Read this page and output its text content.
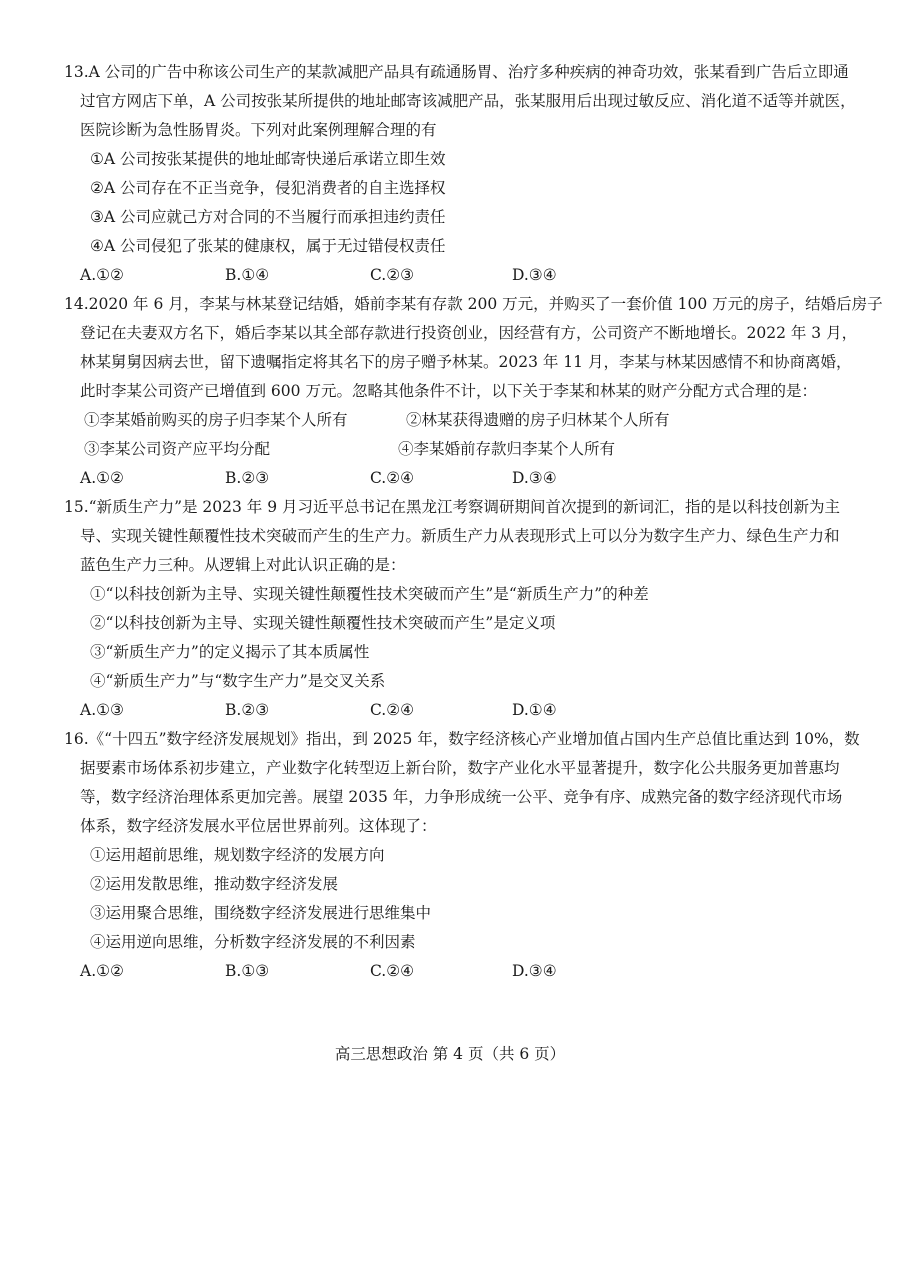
13.A 公司的广告中称该公司生产的某款减肥产品具有疏通肠胃、治疗多种疾病的神奇功效，张某看到广告后立即通
过官方网店下单，A 公司按张某所提供的地址邮寄该减肥产品，张某服用后出现过敏反应、消化道不适等并就医，
医院诊断为急性肠胃炎。下列对此案例理解合理的有
①A 公司按张某提供的地址邮寄快递后承诺立即生效
②A 公司存在不正当竞争，侵犯消费者的自主选择权
③A 公司应就己方对合同的不当履行而承担违约责任
④A 公司侵犯了张某的健康权，属于无过错侵权责任
A.①②	B.①④	C.②③	D.③④
14.2020 年 6 月，李某与林某登记结婚，婚前李某有存款 200 万元，并购买了一套价值 100 万元的房子，结婚后房子
登记在夫妻双方名下，婚后李某以其全部存款进行投资创业，因经营有方，公司资产不断地增长。2022 年 3 月，
林某舅舅因病去世，留下遗嘱指定将其名下的房子赠予林某。2023 年 11 月，李某与林某因感情不和协商离婚，
此时李某公司资产已增值到 600 万元。忽略其他条件不计，以下关于李某和林某的财产分配方式合理的是：
①李某婚前购买的房子归李某个人所有	②林某获得遗赠的房子归林某个人所有
③李某公司资产应平均分配	④李某婚前存款归李某个人所有
A.①②	B.②③	C.②④	D.③④
15.“新质生产力”是 2023 年 9 月习近平总书记在黑龙江考察调研期间首次提到的新词汇，指的是以科技创新为主
导、实现关键性颠覆性技术突破而产生的生产力。新质生产力从表现形式上可以分为数字生产力、绿色生产力和
蓝色生产力三种。从逻辑上对此认识正确的是：
①“以科技创新为主导、实现关键性颠覆性技术突破而产生”是“新质生产力”的种差
②“以科技创新为主导、实现关键性颠覆性技术突破而产生”是定义项
③“新质生产力”的定义揭示了其本质属性
④“新质生产力”与“数字生产力”是交叉关系
A.①③	B.②③	C.②④	D.①④
16.《“十四五”数字经济发展规划》指出，到 2025 年，数字经济核心产业增加值占国内生产总值比重达到 10%，数
据要素市场体系初步建立，产业数字化转型迈上新台阶，数字产业化水平显著提升，数字化公共服务更加普惠均
等，数字经济治理体系更加完善。展望 2035 年，力争形成统一公平、竞争有序、成熟完备的数字经济现代市场
体系，数字经济发展水平位居世界前列。这体现了：
①运用超前思维，规划数字经济的发展方向
②运用发散思维，推动数字经济发展
③运用聚合思维，围绕数字经济发展进行思维集中
④运用逆向思维，分析数字经济发展的不利因素
A.①②	B.①③	C.②④	D.③④
高三思想政治 第 4 页（共 6 页）
